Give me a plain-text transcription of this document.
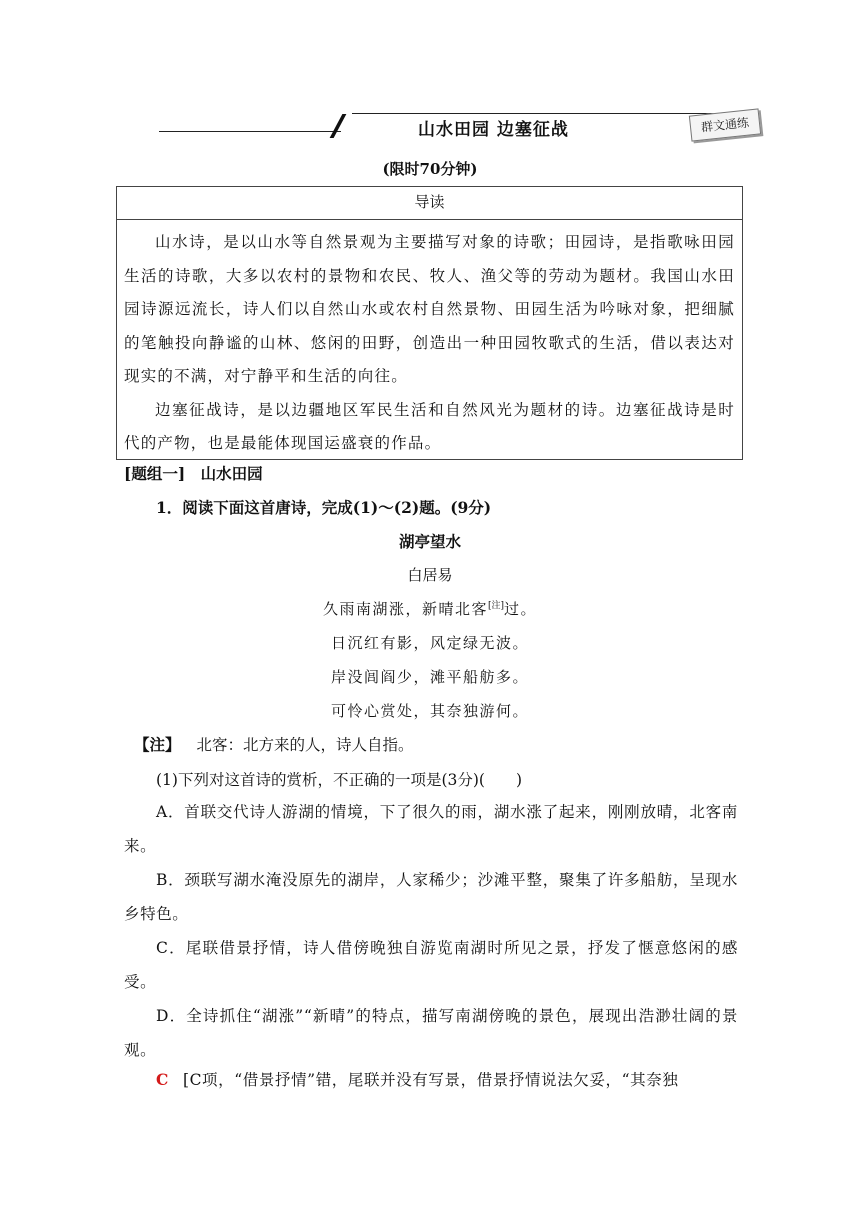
山水田园 边塞征战	群文通练
(限时70分钟)
导读

山水诗，是以山水等自然景观为主要描写对象的诗歌；田园诗，是指歌咏田园生活的诗歌，大多以农村的景物和农民、牧人、渔父等的劳动为题材。我国山水田园诗源远流长，诗人们以自然山水或农村自然景物、田园生活为吟咏对象，把细腻的笔触投向静谧的山林、悠闲的田野，创造出一种田园牧歌式的生活，借以表达对现实的不满，对宁静平和生活的向往。

边塞征战诗，是以边疆地区军民生活和自然风光为题材的诗。边塞征战诗是时代的产物，也是最能体现国运盛衰的作品。

[题组一]　山水田园
1．阅读下面这首唐诗，完成(1)～(2)题。(9分)
湖亭望水
白居易
久雨南湖涨，新晴北客[注]过。
日沉红有影，风定绿无波。
岸没闾阎少，滩平船舫多。
可怜心赏处，其奈独游何。
【注】 北客：北方来的人，诗人自指。
(1)下列对这首诗的赏析，不正确的一项是(3分)(　　)
A．首联交代诗人游湖的情境，下了很久的雨，湖水涨了起来，刚刚放晴，北客南来。
B．颈联写湖水淹没原先的湖岸，人家稀少；沙滩平整，聚集了许多船舫，呈现水乡特色。
C．尾联借景抒情，诗人借傍晚独自游览南湖时所见之景，抒发了惬意悠闲的感受。
D．全诗抓住“湖涨”“新晴”的特点，描写南湖傍晚的景色，展现出浩渺壮阔的景观。
C [C项，“借景抒情”错，尾联并没有写景，借景抒情说法欠妥，“其奈独
